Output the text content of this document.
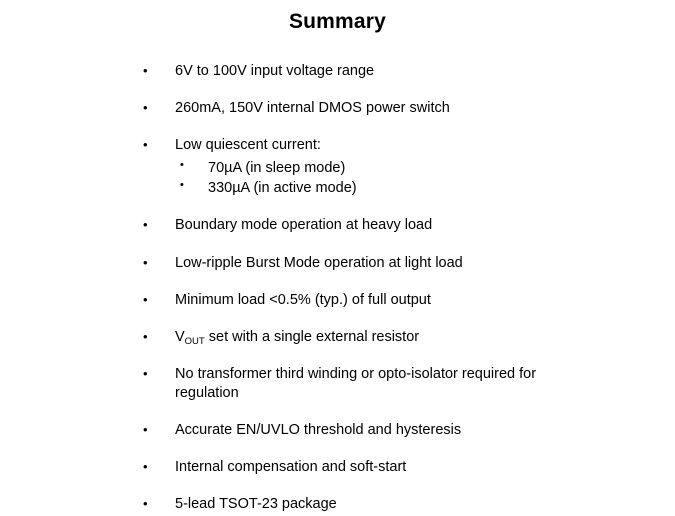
Summary
• 6V to 100V input voltage range
• 260mA, 150V internal DMOS power switch
• Low quiescent current:
• 70µA (in sleep mode)
• 330µA (in active mode)
• Boundary mode operation at heavy load
• Low-ripple Burst Mode operation at light load
• Minimum load <0.5% (typ.) of full output
• $V_{OUT}$ set with a single external resistor
• No transformer third winding or opto-isolator required for regulation
• Accurate EN/UVLO threshold and hysteresis
• Internal compensation and soft-start
• 5-lead TSOT-23 package
